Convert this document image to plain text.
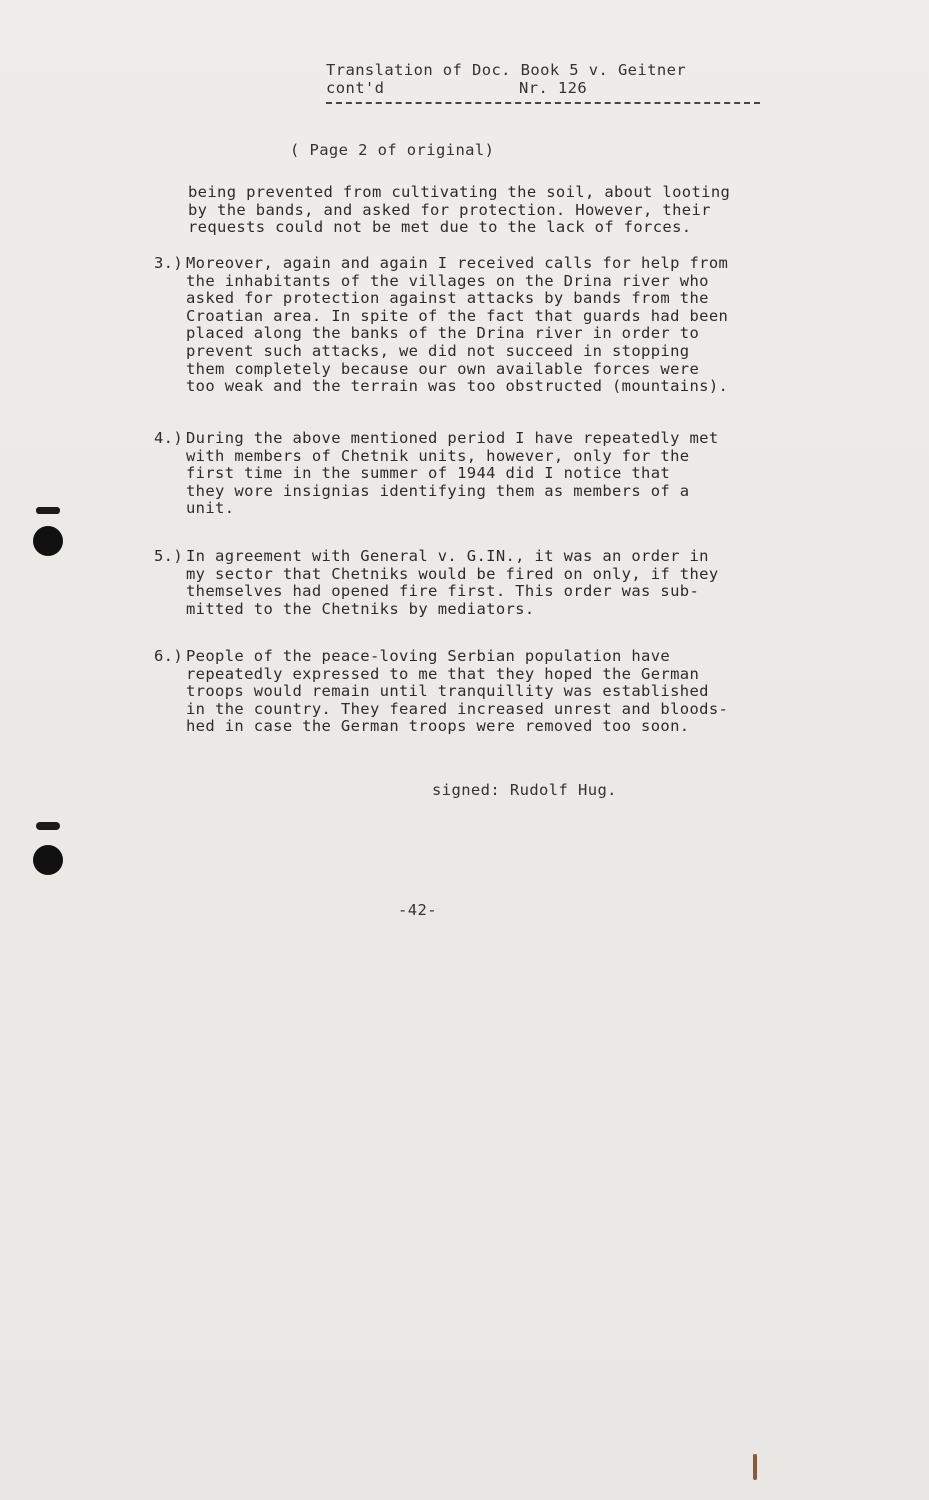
Translation of Doc. Book 5 v. Geitner
cont'd	Nr. 126
( Page 2 of original)
being prevented from cultivating the soil, about looting
by the bands, and asked for protection. However, their
requests could not be met due to the lack of forces.
3.) Moreover, again and again I received calls for help from
the inhabitants of the villages on the Drina river who
asked for protection against attacks by bands from the
Croatian area. In spite of the fact that guards had been
placed along the banks of the Drina river in order to
prevent such attacks, we did not succeed in stopping
them completely because our own available forces were
too weak and the terrain was too obstructed (mountains).
4.) During the above mentioned period I have repeatedly met
with members of Chetnik units, however, only for the
first time in the summer of 1944 did I notice that
they wore insignias identifying them as members of a
unit.
5.) In agreement with General v. G.IN., it was an order in
my sector that Chetniks would be fired on only, if they
themselves had opened fire first. This order was sub-
mitted to the Chetniks by mediators.
6.) People of the peace-loving Serbian population have
repeatedly expressed to me that they hoped the German
troops would remain until tranquillity was established
in the country. They feared increased unrest and bloods-
hed in case the German troops were removed too soon.
signed: Rudolf Hug.
-42-
